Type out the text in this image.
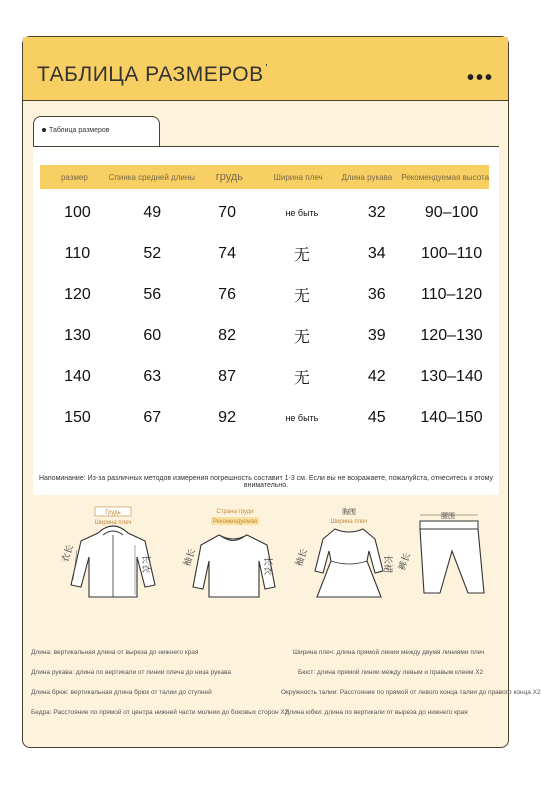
ТАБЛИЦА РАЗМЕРОВ '	•••
Таблица размеров
размер	Спинка средней длины	грудь	Ширина плеч	Длина рукава	Рекомендуемая высота
100	49	70	не быть	32	90–100
110	52	74	无	34	100–110
120	56	76	无	36	110–120
130	60	82	无	39	120–130
140	63	87	无	42	130–140
150	67	92	не быть	45	140–150
Напоминание: Из-за различных методов измерения погрешность составит 1-3 см. Если вы не возражаете, пожалуйста, отнеситесь к этому внимательно.
Грудь
Ширина плеч
衣长	长衣
Страна груди
Рекомендуемая
袖长	长衣
胸围
Ширина плеч
袖长	长裙
腰围
裤长
Длина: вертикальная длина от выреза до нижнего края
Длина рукава: длина по вертикали от линии плеча до низа рукава
Длина брюк: вертикальная длина брюк от талии до ступней
Бедра: Расстояние по прямой от центра нижней части молнии до боковых сторон X2
Ширина плеч: длина прямой линии между двумя линиями плеч
Бюст: длина прямой линии между левым и правым клеем X2
Окружность талии: Расстояние по прямой от левого конца талии до правого конца X2
Длина юбки: длина по вертикали от выреза до нижнего края
